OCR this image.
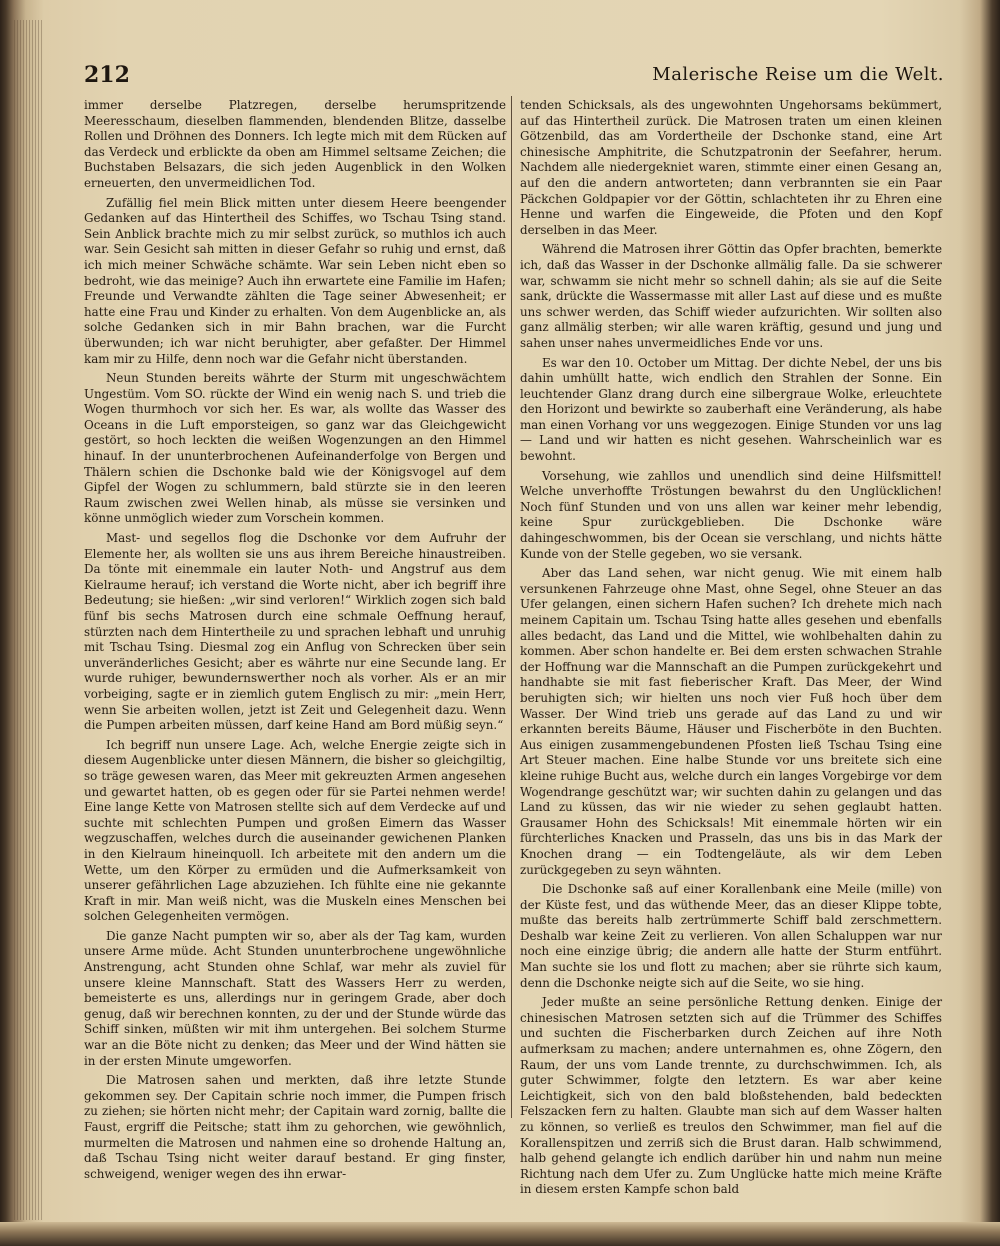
212	Malerische Reise um die Welt.

immer derselbe Platzregen, derselbe herumspritzende Meeresschaum, dieselben flammenden, blendenden Blitze, dasselbe Rollen und Dröhnen des Donners. Ich legte mich mit dem Rücken auf das Verdeck und erblickte da oben am Himmel seltsame Zeichen; die Buchstaben Belsazars, die sich jeden Augenblick in den Wolken erneuerten, den unvermeidlichen Tod.

Zufällig fiel mein Blick mitten unter diesem Heere beengender Gedanken auf das Hintertheil des Schiffes, wo Tschau Tsing stand. Sein Anblick brachte mich zu mir selbst zurück, so muthlos ich auch war. Sein Gesicht sah mitten in dieser Gefahr so ruhig und ernst, daß ich mich meiner Schwäche schämte. War sein Leben nicht eben so bedroht, wie das meinige? Auch ihn erwartete eine Familie im Hafen; Freunde und Verwandte zählten die Tage seiner Abwesenheit; er hatte eine Frau und Kinder zu erhalten. Von dem Augenblicke an, als solche Gedanken sich in mir Bahn brachen, war die Furcht überwunden; ich war nicht beruhigter, aber gefaßter. Der Himmel kam mir zu Hilfe, denn noch war die Gefahr nicht überstanden.

Neun Stunden bereits währte der Sturm mit ungeschwächtem Ungestüm. Vom SO. rückte der Wind ein wenig nach S. und trieb die Wogen thurmhoch vor sich her. Es war, als wollte das Wasser des Oceans in die Luft emporsteigen, so ganz war das Gleichgewicht gestört, so hoch leckten die weißen Wogenzungen an den Himmel hinauf. In der ununterbrochenen Aufeinanderfolge von Bergen und Thälern schien die Dschonke bald wie der Königsvogel auf dem Gipfel der Wogen zu schlummern, bald stürzte sie in den leeren Raum zwischen zwei Wellen hinab, als müsse sie versinken und könne unmöglich wieder zum Vorschein kommen.

Mast- und segellos flog die Dschonke vor dem Aufruhr der Elemente her, als wollten sie uns aus ihrem Bereiche hinaustreiben. Da tönte mit einemmale ein lauter Noth- und Angstruf aus dem Kielraume herauf; ich verstand die Worte nicht, aber ich begriff ihre Bedeutung; sie hießen: „wir sind verloren!“ Wirklich zogen sich bald fünf bis sechs Matrosen durch eine schmale Oeffnung herauf, stürzten nach dem Hintertheile zu und sprachen lebhaft und unruhig mit Tschau Tsing. Diesmal zog ein Anflug von Schrecken über sein unveränderliches Gesicht; aber es währte nur eine Secunde lang. Er wurde ruhiger, bewundernswerther noch als vorher. Als er an mir vorbeiging, sagte er in ziemlich gutem Englisch zu mir: „mein Herr, wenn Sie arbeiten wollen, jetzt ist Zeit und Gelegenheit dazu. Wenn die Pumpen arbeiten müssen, darf keine Hand am Bord müßig seyn.“

Ich begriff nun unsere Lage. Ach, welche Energie zeigte sich in diesem Augenblicke unter diesen Männern, die bisher so gleichgiltig, so träge gewesen waren, das Meer mit gekreuzten Armen angesehen und gewartet hatten, ob es gegen oder für sie Partei nehmen werde! Eine lange Kette von Matrosen stellte sich auf dem Verdecke auf und suchte mit schlechten Pumpen und großen Eimern das Wasser wegzuschaffen, welches durch die auseinander gewichenen Planken in den Kielraum hineinquoll. Ich arbeitete mit den andern um die Wette, um den Körper zu ermüden und die Aufmerksamkeit von unserer gefährlichen Lage abzuziehen. Ich fühlte eine nie gekannte Kraft in mir. Man weiß nicht, was die Muskeln eines Menschen bei solchen Gelegenheiten vermögen.

Die ganze Nacht pumpten wir so, aber als der Tag kam, wurden unsere Arme müde. Acht Stunden ununterbrochene ungewöhnliche Anstrengung, acht Stunden ohne Schlaf, war mehr als zuviel für unsere kleine Mannschaft. Statt des Wassers Herr zu werden, bemeisterte es uns, allerdings nur in geringem Grade, aber doch genug, daß wir berechnen konnten, zu der und der Stunde würde das Schiff sinken, müßten wir mit ihm untergehen. Bei solchem Sturme war an die Böte nicht zu denken; das Meer und der Wind hätten sie in der ersten Minute umgeworfen.

Die Matrosen sahen und merkten, daß ihre letzte Stunde gekommen sey. Der Capitain schrie noch immer, die Pumpen frisch zu ziehen; sie hörten nicht mehr; der Capitain ward zornig, ballte die Faust, ergriff die Peitsche; statt ihm zu gehorchen, wie gewöhnlich, murmelten die Matrosen und nahmen eine so drohende Haltung an, daß Tschau Tsing nicht weiter darauf bestand. Er ging finster, schweigend, weniger wegen des ihn erwar-

tenden Schicksals, als des ungewohnten Ungehorsams bekümmert, auf das Hintertheil zurück. Die Matrosen traten um einen kleinen Götzenbild, das am Vordertheile der Dschonke stand, eine Art chinesische Amphitrite, die Schutzpatronin der Seefahrer, herum. Nachdem alle niedergekniet waren, stimmte einer einen Gesang an, auf den die andern antworteten; dann verbrannten sie ein Paar Päckchen Goldpapier vor der Göttin, schlachteten ihr zu Ehren eine Henne und warfen die Eingeweide, die Pfoten und den Kopf derselben in das Meer.

Während die Matrosen ihrer Göttin das Opfer brachten, bemerkte ich, daß das Wasser in der Dschonke allmälig falle. Da sie schwerer war, schwamm sie nicht mehr so schnell dahin; als sie auf die Seite sank, drückte die Wassermasse mit aller Last auf diese und es mußte uns schwer werden, das Schiff wieder aufzurichten. Wir sollten also ganz allmälig sterben; wir alle waren kräftig, gesund und jung und sahen unser nahes unvermeidliches Ende vor uns.

Es war den 10. October um Mittag. Der dichte Nebel, der uns bis dahin umhüllt hatte, wich endlich den Strahlen der Sonne. Ein leuchtender Glanz drang durch eine silbergraue Wolke, erleuchtete den Horizont und bewirkte so zauberhaft eine Veränderung, als habe man einen Vorhang vor uns weggezogen. Einige Stunden vor uns lag — Land und wir hatten es nicht gesehen. Wahrscheinlich war es bewohnt.

Vorsehung, wie zahllos und unendlich sind deine Hilfsmittel! Welche unverhoffte Tröstungen bewahrst du den Unglücklichen! Noch fünf Stunden und von uns allen war keiner mehr lebendig, keine Spur zurückgeblieben. Die Dschonke wäre dahingeschwommen, bis der Ocean sie verschlang, und nichts hätte Kunde von der Stelle gegeben, wo sie versank.

Aber das Land sehen, war nicht genug. Wie mit einem halb versunkenen Fahrzeuge ohne Mast, ohne Segel, ohne Steuer an das Ufer gelangen, einen sichern Hafen suchen? Ich drehete mich nach meinem Capitain um. Tschau Tsing hatte alles gesehen und ebenfalls alles bedacht, das Land und die Mittel, wie wohlbehalten dahin zu kommen. Aber schon handelte er. Bei dem ersten schwachen Strahle der Hoffnung war die Mannschaft an die Pumpen zurückgekehrt und handhabte sie mit fast fieberischer Kraft. Das Meer, der Wind beruhigten sich; wir hielten uns noch vier Fuß hoch über dem Wasser. Der Wind trieb uns gerade auf das Land zu und wir erkannten bereits Bäume, Häuser und Fischerböte in den Buchten. Aus einigen zusammengebundenen Pfosten ließ Tschau Tsing eine Art Steuer machen. Eine halbe Stunde vor uns breitete sich eine kleine ruhige Bucht aus, welche durch ein langes Vorgebirge vor dem Wogendrange geschützt war; wir suchten dahin zu gelangen und das Land zu küssen, das wir nie wieder zu sehen geglaubt hatten. Grausamer Hohn des Schicksals! Mit einemmale hörten wir ein fürchterliches Knacken und Prasseln, das uns bis in das Mark der Knochen drang — ein Todtengeläute, als wir dem Leben zurückgegeben zu seyn wähnten.

Die Dschonke saß auf einer Korallenbank eine Meile (mille) von der Küste fest, und das wüthende Meer, das an dieser Klippe tobte, mußte das bereits halb zertrümmerte Schiff bald zerschmettern. Deshalb war keine Zeit zu verlieren. Von allen Schaluppen war nur noch eine einzige übrig; die andern alle hatte der Sturm entführt. Man suchte sie los und flott zu machen; aber sie rührte sich kaum, denn die Dschonke neigte sich auf die Seite, wo sie hing.

Jeder mußte an seine persönliche Rettung denken. Einige der chinesischen Matrosen setzten sich auf die Trümmer des Schiffes und suchten die Fischerbarken durch Zeichen auf ihre Noth aufmerksam zu machen; andere unternahmen es, ohne Zögern, den Raum, der uns vom Lande trennte, zu durchschwimmen. Ich, als guter Schwimmer, folgte den letztern. Es war aber keine Leichtigkeit, sich von den bald bloßstehenden, bald bedeckten Felszacken fern zu halten. Glaubte man sich auf dem Wasser halten zu können, so verließ es treulos den Schwimmer, man fiel auf die Korallenspitzen und zerriß sich die Brust daran. Halb schwimmend, halb gehend gelangte ich endlich darüber hin und nahm nun meine Richtung nach dem Ufer zu. Zum Unglücke hatte mich meine Kräfte in diesem ersten Kampfe schon bald
